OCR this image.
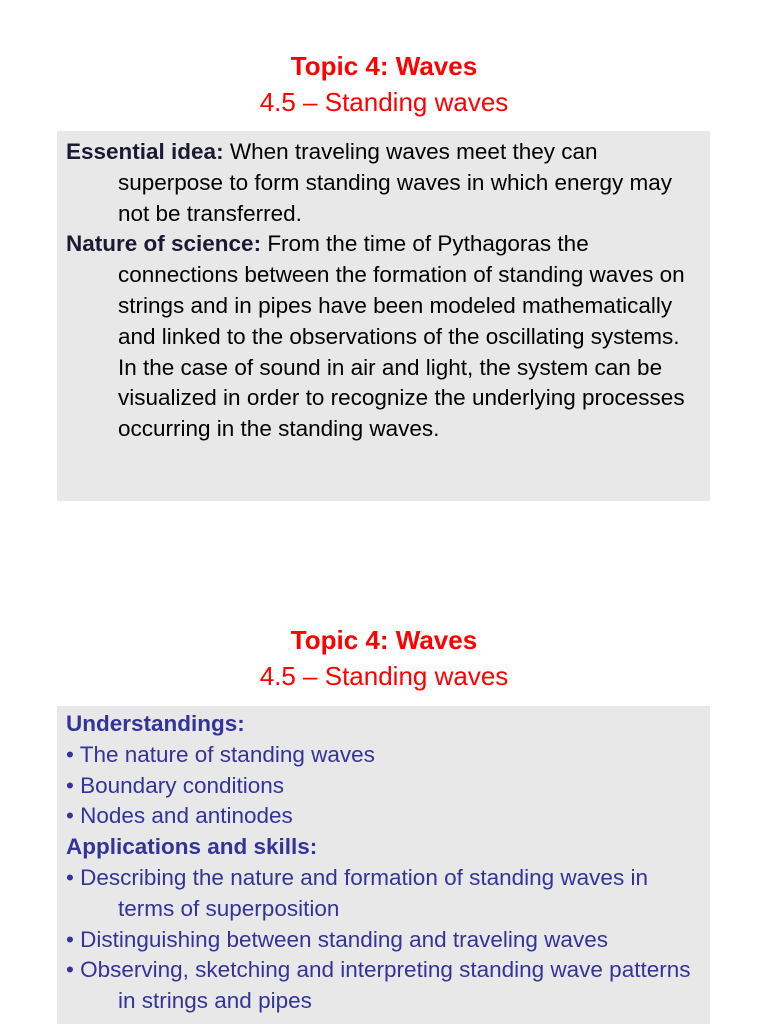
Topic 4: Waves
4.5 – Standing waves

Essential idea: When traveling waves meet they can superpose to form standing waves in which energy may not be transferred.

Nature of science: From the time of Pythagoras the connections between the formation of standing waves on strings and in pipes have been modeled mathematically and linked to the observations of the oscillating systems. In the case of sound in air and light, the system can be visualized in order to recognize the underlying processes occurring in the standing waves.

Topic 4: Waves
4.5 – Standing waves

Understandings:

• The nature of standing waves

• Boundary conditions

• Nodes and antinodes

Applications and skills:

• Describing the nature and formation of standing waves in terms of superposition

• Distinguishing between standing and traveling waves

• Observing, sketching and interpreting standing wave patterns in strings and pipes
